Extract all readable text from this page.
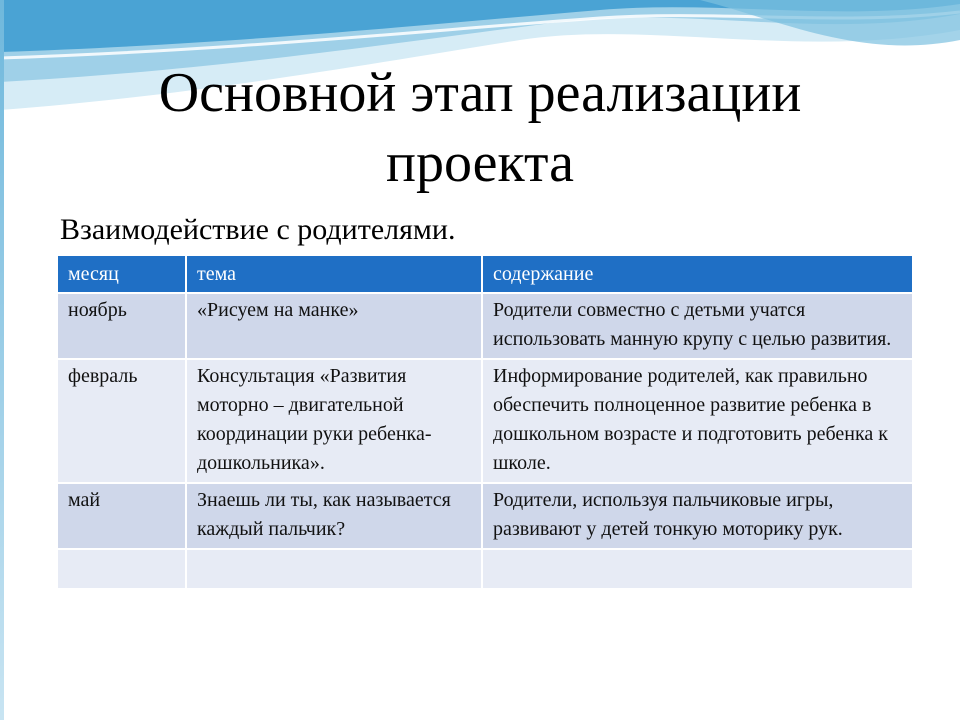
Основной этап реализации
проекта

Взаимодействие с родителями.

месяц	тема	содержание
ноябрь	«Рисуем на манке»	Родители совместно с детьми учатся использовать манную крупу с целью развития.
февраль	Консультация «Развития моторно – двигательной координации руки ребенка-дошкольника».	Информирование родителей, как правильно обеспечить полноценное развитие ребенка в дошкольном возрасте и подготовить ребенка к школе.
май	Знаешь ли ты, как называется каждый пальчик?	Родители, используя пальчиковые игры, развивают у детей тонкую моторику рук.
